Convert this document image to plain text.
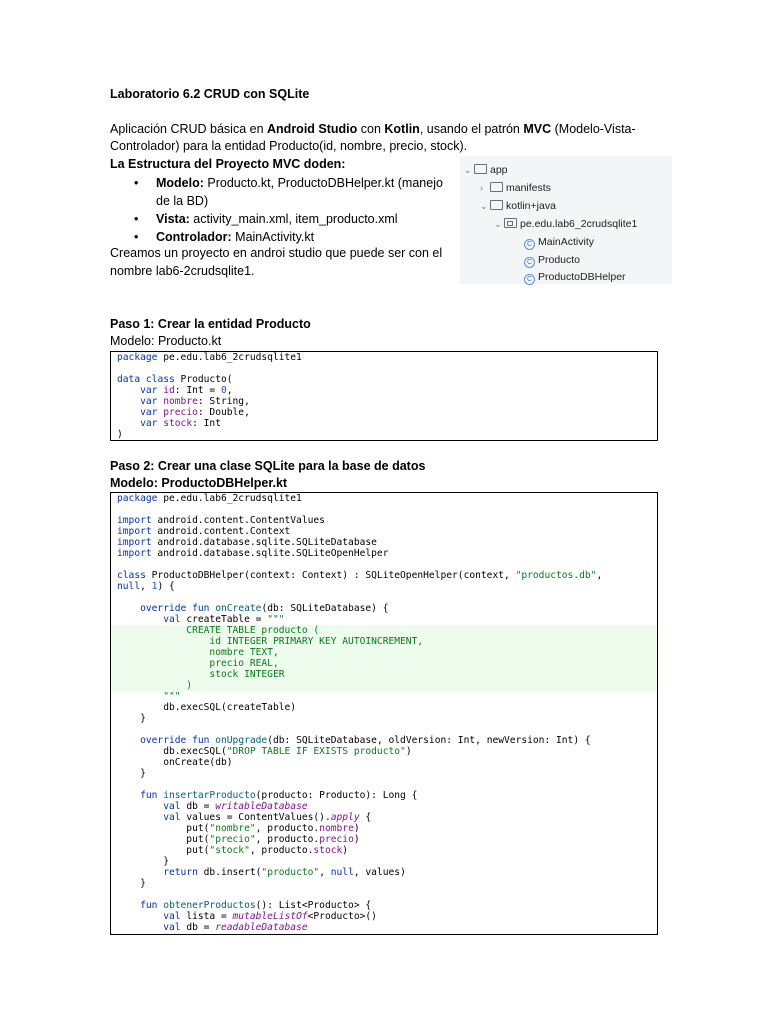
Laboratorio 6.2 CRUD con SQLite
Aplicación CRUD básica en Android Studio con Kotlin, usando el patrón MVC (Modelo-Vista-Controlador) para la entidad Producto(id, nombre, precio, stock).
La Estructura del Proyecto MVC doden:
• Modelo: Producto.kt, ProductoDBHelper.kt (manejo de la BD)
• Vista: activity_main.xml, item_producto.xml
• Controlador: MainActivity.kt
Creamos un proyecto en androi studio que puede ser con el nombre lab6-2crudsqlite1.
⌄ app
› manifests
⌄ kotlin+java
⌄ pe.edu.lab6_2crudsqlite1
C MainActivity
C Producto
C ProductoDBHelper
Paso 1: Crear la entidad Producto
Modelo: Producto.kt
package pe.edu.lab6_2crudsqlite1

data class Producto(
var id: Int = 0,
var nombre: String,
var precio: Double,
var stock: Int
)
Paso 2: Crear una clase SQLite para la base de datos
Modelo: ProductoDBHelper.kt
package pe.edu.lab6_2crudsqlite1

import android.content.ContentValues
import android.content.Context
import android.database.sqlite.SQLiteDatabase
import android.database.sqlite.SQLiteOpenHelper

class ProductoDBHelper(context: Context) : SQLiteOpenHelper(context, "productos.db",
null, 1) {

override fun onCreate(db: SQLiteDatabase) {
val createTable = """
CREATE TABLE producto (
id INTEGER PRIMARY KEY AUTOINCREMENT,
nombre TEXT,
precio REAL,
stock INTEGER
)
"""
db.execSQL(createTable)
}

override fun onUpgrade(db: SQLiteDatabase, oldVersion: Int, newVersion: Int) {
db.execSQL("DROP TABLE IF EXISTS producto")
onCreate(db)
}

fun insertarProducto(producto: Producto): Long {
val db = writableDatabase
val values = ContentValues().apply {
put("nombre", producto.nombre)
put("precio", producto.precio)
put("stock", producto.stock)
}
return db.insert("producto", null, values)
}

fun obtenerProductos(): List<Producto> {
val lista = mutableListOf<Producto>()
val db = readableDatabase
